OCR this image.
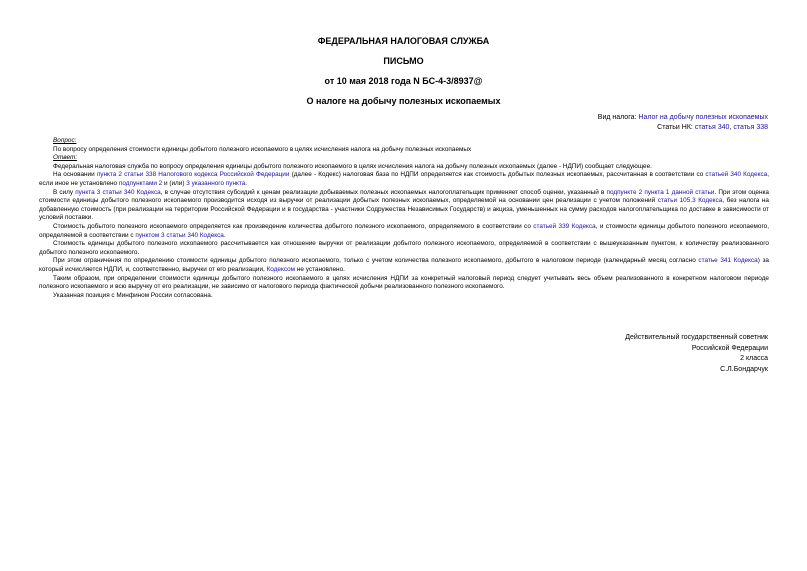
ФЕДЕРАЛЬНАЯ НАЛОГОВАЯ СЛУЖБА
ПИСЬМО
от 10 мая 2018 года N БС-4-3/8937@
О налоге на добычу полезных ископаемых
Вид налога: Налог на добычу полезных ископаемых
Статьи НК: статья 340, статья 338

Вопрос:

По вопросу определения стоимости единицы добытого полезного ископаемого в целях исчисления налога на добычу полезных ископаемых

Ответ:

Федеральная налоговая служба по вопросу определения единицы добытого полезного ископаемого в целях исчисления налога на добычу полезных ископаемых (далее - НДПИ) сообщает следующее.

На основании пункта 2 статьи 338 Налогового кодекса Российской Федерации (далее - Кодекс) налоговая база по НДПИ определяется как стоимость добытых полезных ископаемых, рассчитанная в соответствии со статьей 340 Кодекса, если иное не установлено подпунктами 2 и (или) 3 указанного пункта.

В силу пункта 3 статьи 340 Кодекса, в случае отсутствия субсидий к ценам реализации добываемых полезных ископаемых налогоплательщик применяет способ оценки, указанный в подпункте 2 пункта 1 данной статьи. При этом оценка стоимости единицы добытого полезного ископаемого производится исходя из выручки от реализации добытых полезных ископаемых, определяемой на основании цен реализации с учетом положений статьи 105.3 Кодекса, без налога на добавленную стоимость (при реализации на территории Российской Федерации и в государства - участники Содружества Независимых Государств) и акциза, уменьшенных на сумму расходов налогоплательщика по доставке в зависимости от условий поставки.

Стоимость добытого полезного ископаемого определяется как произведение количества добытого полезного ископаемого, определяемого в соответствии со статьей 339 Кодекса, и стоимости единицы добытого полезного ископаемого, определяемой в соответствии с пунктом 3 статьи 340 Кодекса.

Стоимость единицы добытого полезного ископаемого рассчитывается как отношение выручки от реализации добытого полезного ископаемого, определяемой в соответствии с вышеуказанным пунктом, к количеству реализованного добытого полезного ископаемого.

При этом ограничения по определению стоимости единицы добытого полезного ископаемого, только с учетом количества полезного ископаемого, добытого в налоговом периоде (календарный месяц согласно статье 341 Кодекса) за который исчисляется НДПИ, и, соответственно, выручки от его реализации, Кодексом не установлено.

Таким образом, при определении стоимости единицы добытого полезного ископаемого в целях исчисления НДПИ за конкретный налоговый период следует учитывать весь объем реализованного в конкретном налоговом периоде полезного ископаемого и всю выручку от его реализации, не зависимо от налогового периода фактической добычи реализованного полезного ископаемого.

Указанная позиция с Минфином России согласована.

Действительный государственный советник
Российской Федерации
2 класса
С.Л.Бондарчук
